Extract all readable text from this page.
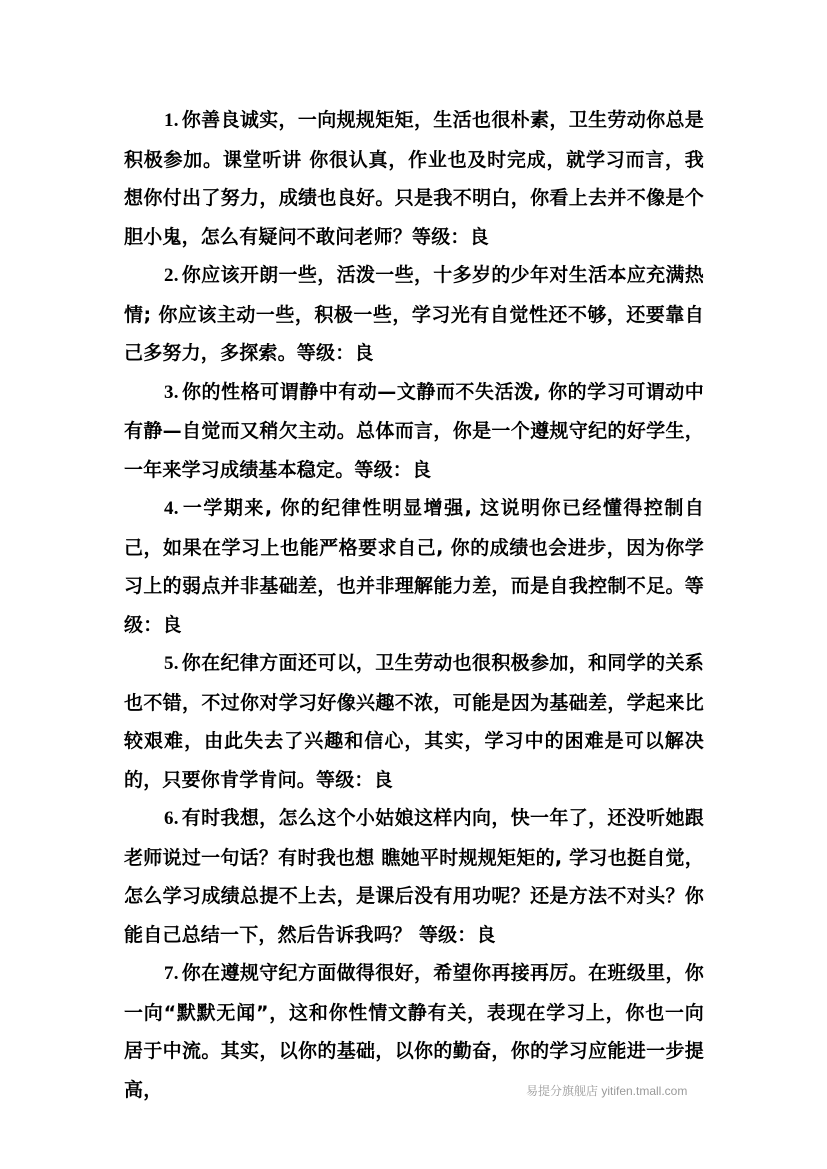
1. 你善良诚实，一向规规矩矩，生活也很朴素，卫生劳动你总是积极参加。课堂听讲 你很认真，作业也及时完成，就学习而言，我想你付出了努力，成绩也良好。只是我不明白，你看上去并不像是个胆小鬼，怎么有疑问不敢问老师？等级：良

2. 你应该开朗一些，活泼一些，十多岁的少年对生活本应充满热情; 你应该主动一些，积极一些，学习光有自觉性还不够，还要靠自己多努力，多探索。等级：良

3. 你的性格可谓静中有动—文静而不失活泼, 你的学习可谓动中有静—自觉而又稍欠主动。总体而言，你是一个遵规守纪的好学生，一年来学习成绩基本稳定。等级：良

4. 一学期来, 你的纪律性明显增强, 这说明你已经懂得控制自己，如果在学习上也能严格要求自己, 你的成绩也会进步，因为你学习上的弱点并非基础差，也并非理解能力差，而是自我控制不足。等级：良

5. 你在纪律方面还可以，卫生劳动也很积极参加，和同学的关系也不错，不过你对学习好像兴趣不浓，可能是因为基础差，学起来比较艰难，由此失去了兴趣和信心，其实，学习中的困难是可以解决的，只要你肯学肯问。等级：良

6. 有时我想，怎么这个小姑娘这样内向，快一年了，还没听她跟老师说过一句话？有时我也想 瞧她平时规规矩矩的, 学习也挺自觉，怎么学习成绩总提不上去，是课后没有用功呢？还是方法不对头？你能自己总结一下，然后告诉我吗？ 等级：良

7. 你在遵规守纪方面做得很好，希望你再接再厉。在班级里，你一向“默默无闻”，这和你性情文静有关，表现在学习上，你也一向居于中流。其实，以你的基础，以你的勤奋，你的学习应能进一步提高，	易提分旗舰店 yitifen.tmall.com
